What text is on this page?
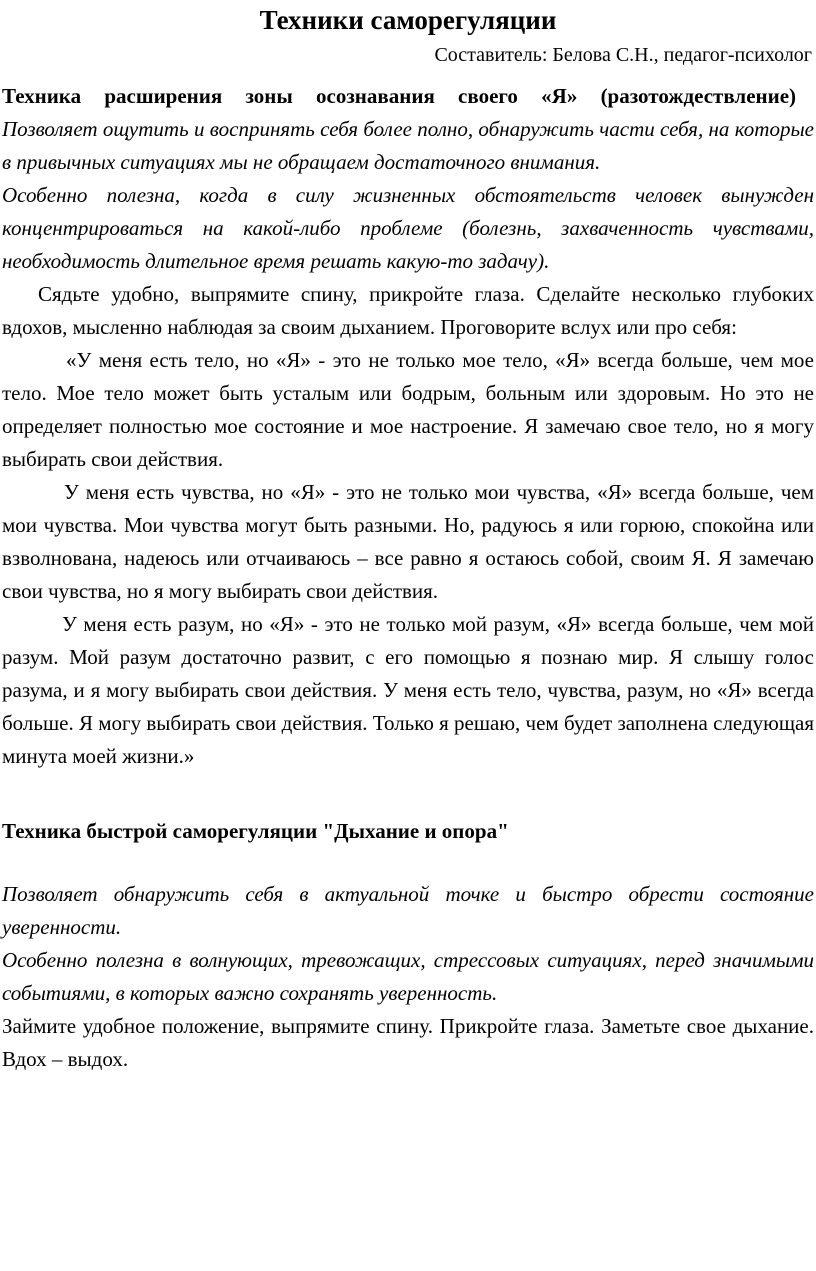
Техники саморегуляции
Составитель: Белова С.Н., педагог-психолог
Техника расширения зоны осознавания своего «Я» (разотождествление)

Позволяет ощутить и воспринять себя более полно, обнаружить части себя, на которые в привычных ситуациях мы не обращаем достаточного внимания.

Особенно полезна, когда в силу жизненных обстоятельств человек вынужден концентрироваться на какой-либо проблеме (болезнь, захваченность чувствами, необходимость длительное время решать какую-то задачу).

Сядьте удобно, выпрямите спину, прикройте глаза. Сделайте несколько глубоких вдохов, мысленно наблюдая за своим дыханием. Проговорите вслух или про себя:

«У меня есть тело, но «Я» - это не только мое тело, «Я» всегда больше, чем мое тело. Мое тело может быть усталым или бодрым, больным или здоровым. Но это не определяет полностью мое состояние и мое настроение. Я замечаю свое тело, но я могу выбирать свои действия.

У меня есть чувства, но «Я» - это не только мои чувства, «Я» всегда больше, чем мои чувства. Мои чувства могут быть разными. Но, радуюсь я или горюю, спокойна или взволнована, надеюсь или отчаиваюсь – все равно я остаюсь собой, своим Я. Я замечаю свои чувства, но я могу выбирать свои действия.

У меня есть разум, но «Я» - это не только мой разум, «Я» всегда больше, чем мой разум. Мой разум достаточно развит, с его помощью я познаю мир. Я слышу голос разума, и я могу выбирать свои действия. У меня есть тело, чувства, разум, но «Я» всегда больше. Я могу выбирать свои действия. Только я решаю, чем будет заполнена следующая минута моей жизни.»

Техника быстрой саморегуляции "Дыхание и опора"

Позволяет обнаружить себя в актуальной точке и быстро обрести состояние уверенности.

Особенно полезна в волнующих, тревожащих, стрессовых ситуациях, перед значимыми событиями, в которых важно сохранять уверенность.

Займите удобное положение, выпрямите спину. Прикройте глаза. Заметьте свое дыхание. Вдох – выдох.
